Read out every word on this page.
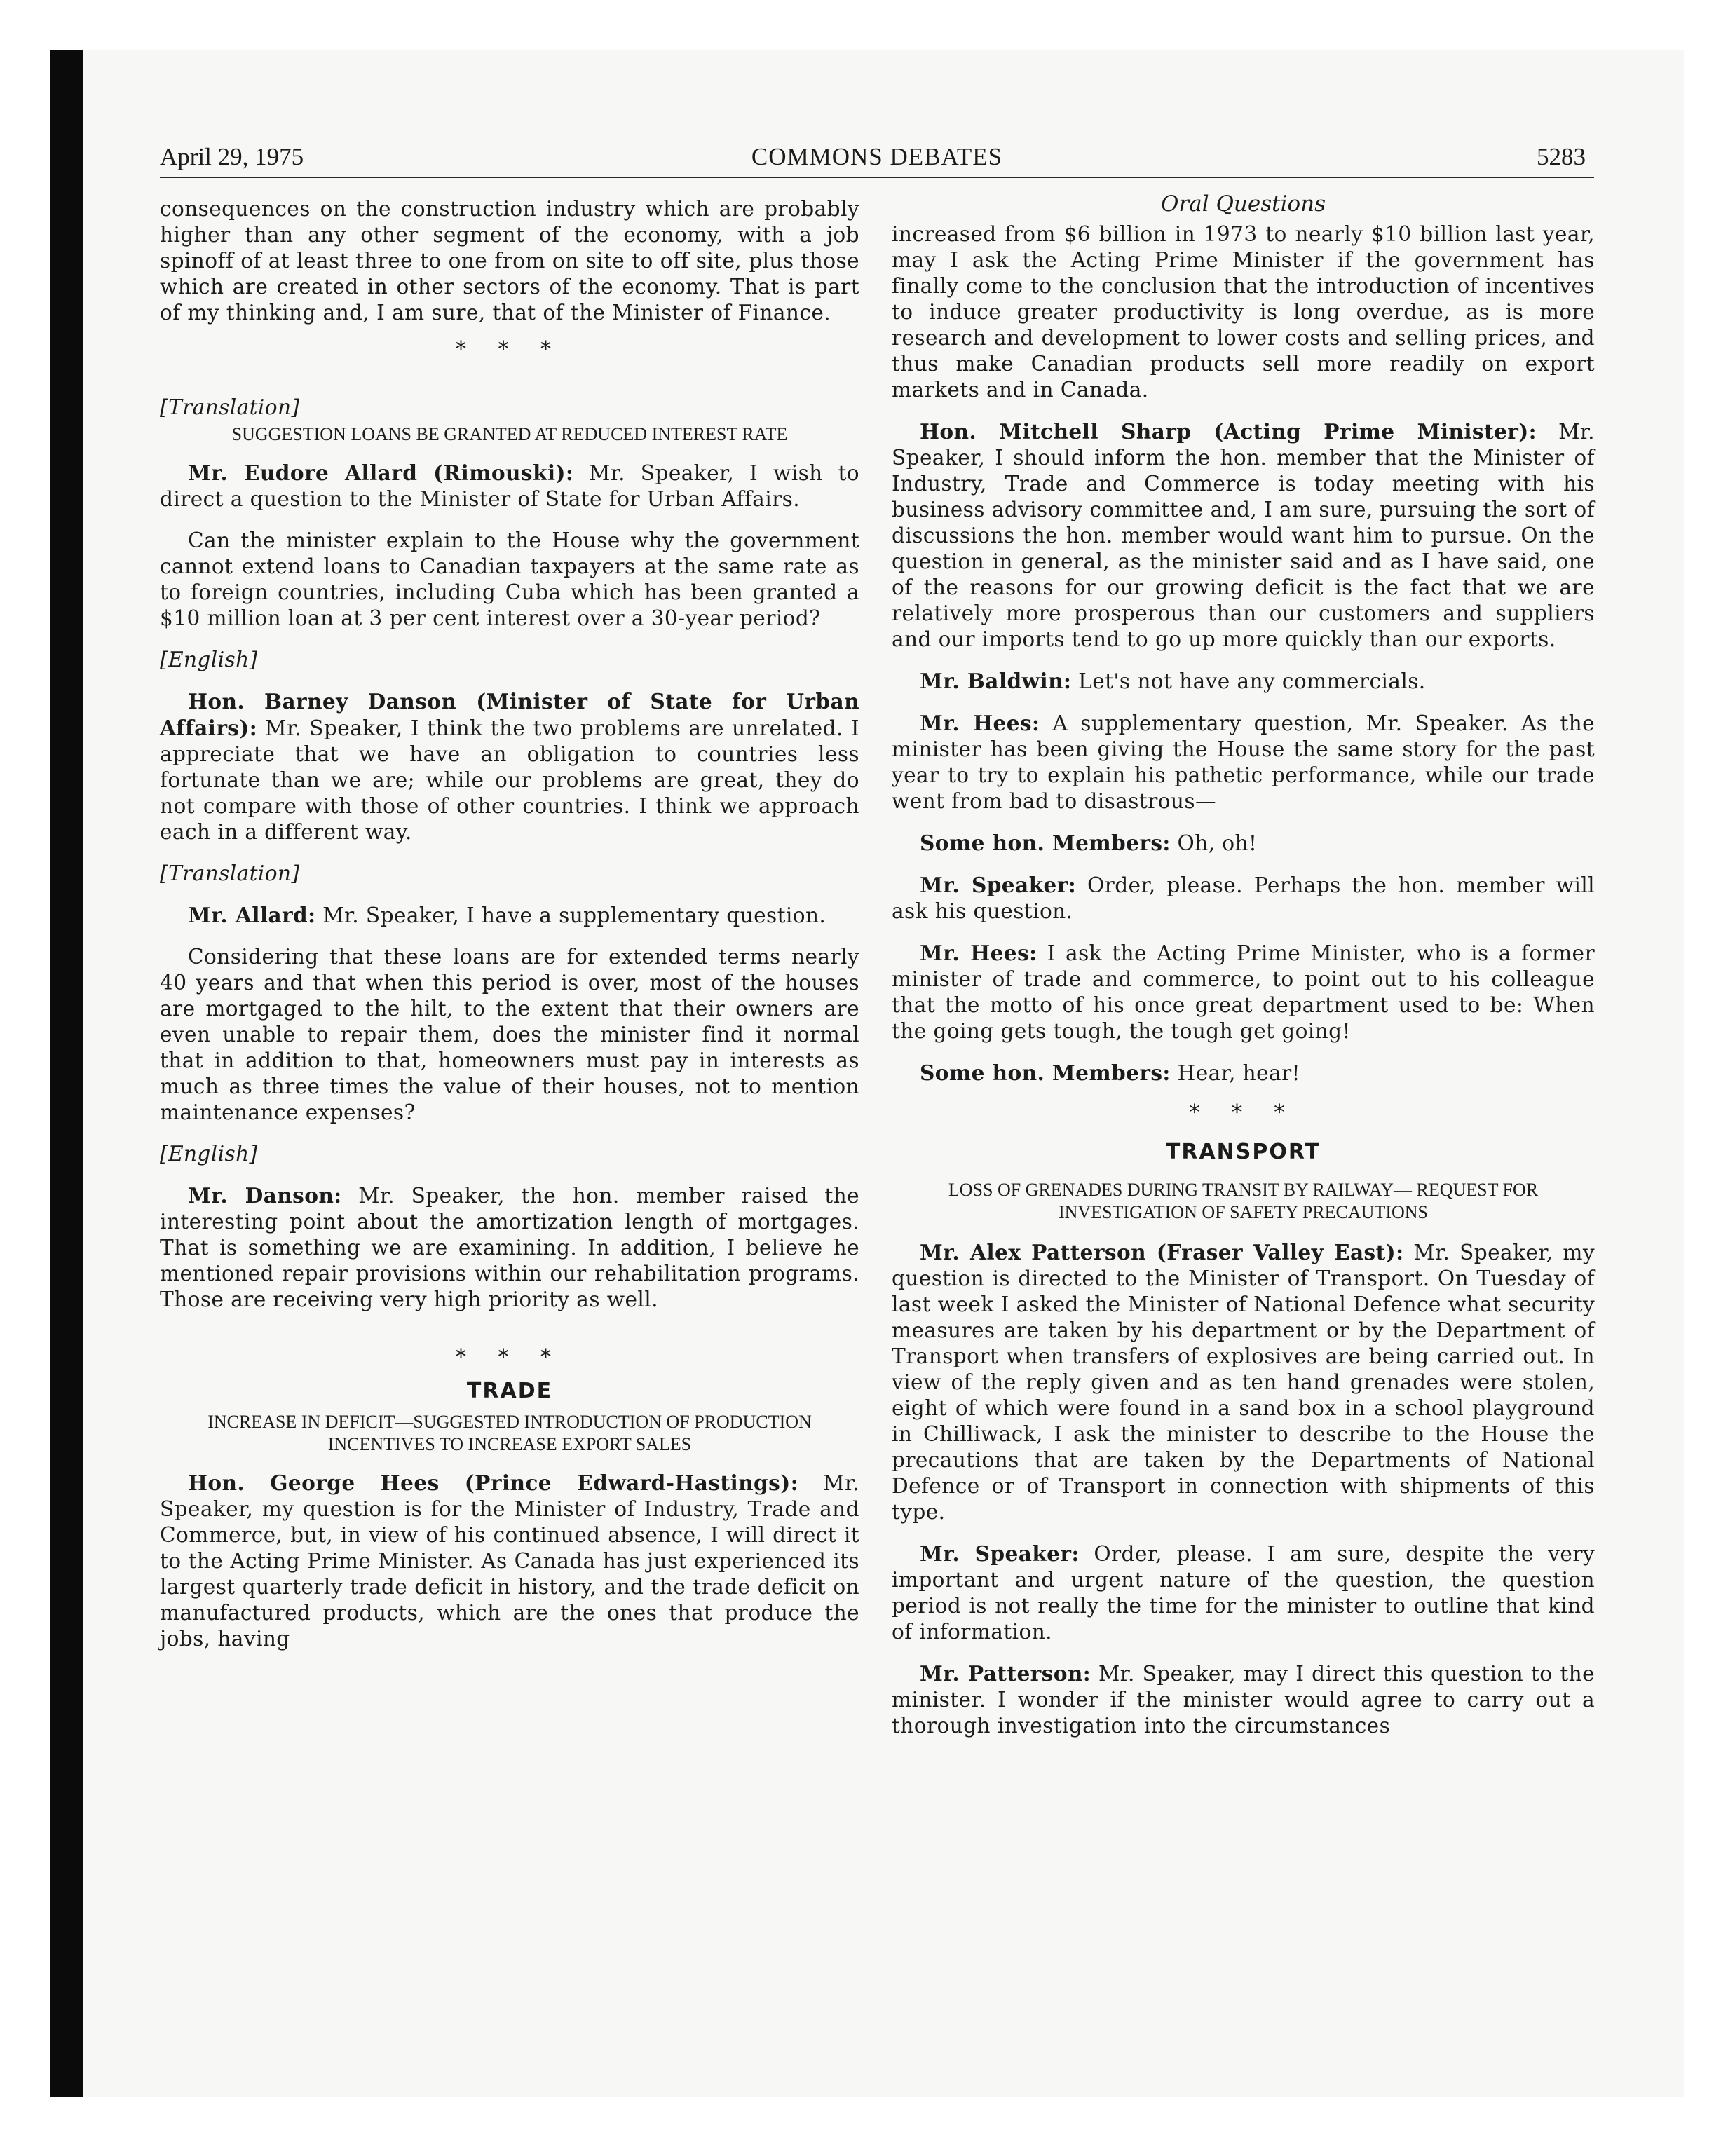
April 29, 1975	COMMONS DEBATES	5283

consequences on the construction industry which are probably higher than any other segment of the economy, with a job spinoff of at least three to one from on site to off site, plus those which are created in other sectors of the economy. That is part of my thinking and, I am sure, that of the Minister of Finance.

* * *

[Translation]

SUGGESTION LOANS BE GRANTED AT REDUCED INTEREST RATE

Mr. Eudore Allard (Rimouski): Mr. Speaker, I wish to direct a question to the Minister of State for Urban Affairs.

Can the minister explain to the House why the government cannot extend loans to Canadian taxpayers at the same rate as to foreign countries, including Cuba which has been granted a $10 million loan at 3 per cent interest over a 30-year period?

[English]

Hon. Barney Danson (Minister of State for Urban Affairs): Mr. Speaker, I think the two problems are unrelated. I appreciate that we have an obligation to countries less fortunate than we are; while our problems are great, they do not compare with those of other countries. I think we approach each in a different way.

[Translation]

Mr. Allard: Mr. Speaker, I have a supplementary question.

Considering that these loans are for extended terms nearly 40 years and that when this period is over, most of the houses are mortgaged to the hilt, to the extent that their owners are even unable to repair them, does the minister find it normal that in addition to that, homeowners must pay in interests as much as three times the value of their houses, not to mention maintenance expenses?

[English]

Mr. Danson: Mr. Speaker, the hon. member raised the interesting point about the amortization length of mortgages. That is something we are examining. In addition, I believe he mentioned repair provisions within our rehabilitation programs. Those are receiving very high priority as well.

* * *
TRADE
INCREASE IN DEFICIT—SUGGESTED INTRODUCTION OF PRODUCTION INCENTIVES TO INCREASE EXPORT SALES

Hon. George Hees (Prince Edward-Hastings): Mr. Speaker, my question is for the Minister of Industry, Trade and Commerce, but, in view of his continued absence, I will direct it to the Acting Prime Minister. As Canada has just experienced its largest quarterly trade deficit in history, and the trade deficit on manufactured products, which are the ones that produce the jobs, having

Oral Questions

increased from $6 billion in 1973 to nearly $10 billion last year, may I ask the Acting Prime Minister if the government has finally come to the conclusion that the introduction of incentives to induce greater productivity is long overdue, as is more research and development to lower costs and selling prices, and thus make Canadian products sell more readily on export markets and in Canada.

Hon. Mitchell Sharp (Acting Prime Minister): Mr. Speaker, I should inform the hon. member that the Minister of Industry, Trade and Commerce is today meeting with his business advisory committee and, I am sure, pursuing the sort of discussions the hon. member would want him to pursue. On the question in general, as the minister said and as I have said, one of the reasons for our growing deficit is the fact that we are relatively more prosperous than our customers and suppliers and our imports tend to go up more quickly than our exports.

Mr. Baldwin: Let's not have any commercials.

Mr. Hees: A supplementary question, Mr. Speaker. As the minister has been giving the House the same story for the past year to try to explain his pathetic performance, while our trade went from bad to disastrous—

Some hon. Members: Oh, oh!

Mr. Speaker: Order, please. Perhaps the hon. member will ask his question.

Mr. Hees: I ask the Acting Prime Minister, who is a former minister of trade and commerce, to point out to his colleague that the motto of his once great department used to be: When the going gets tough, the tough get going!

Some hon. Members: Hear, hear!

* * *
TRANSPORT
LOSS OF GRENADES DURING TRANSIT BY RAILWAY— REQUEST FOR INVESTIGATION OF SAFETY PRECAUTIONS

Mr. Alex Patterson (Fraser Valley East): Mr. Speaker, my question is directed to the Minister of Transport. On Tuesday of last week I asked the Minister of National Defence what security measures are taken by his department or by the Department of Transport when transfers of explosives are being carried out. In view of the reply given and as ten hand grenades were stolen, eight of which were found in a sand box in a school playground in Chilliwack, I ask the minister to describe to the House the precautions that are taken by the Departments of National Defence or of Transport in connection with shipments of this type.

Mr. Speaker: Order, please. I am sure, despite the very important and urgent nature of the question, the question period is not really the time for the minister to outline that kind of information.

Mr. Patterson: Mr. Speaker, may I direct this question to the minister. I wonder if the minister would agree to carry out a thorough investigation into the circumstances
